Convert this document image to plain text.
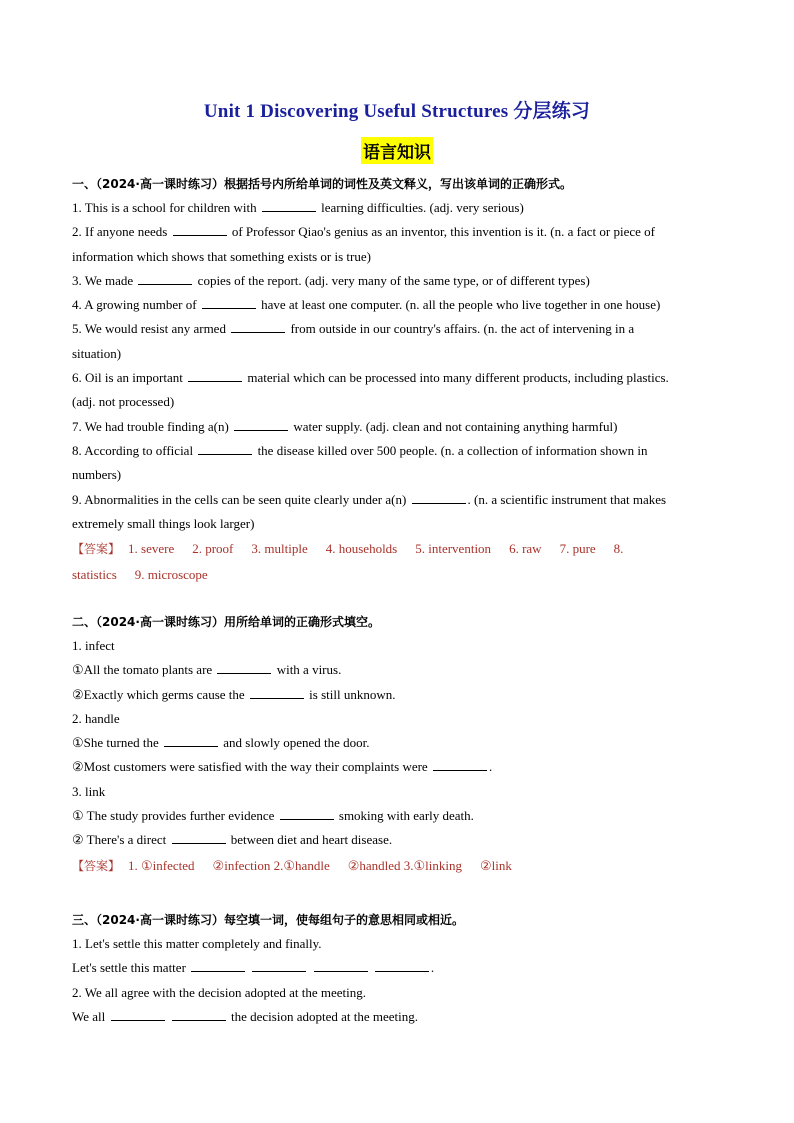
Unit 1 Discovering Useful Structures 分层练习
语言知识
一、（2024·高一课时练习）根据括号内所给单词的词性及英文释义，写出该单词的正确形式。
1. This is a school for children with	learning difficulties. (adj. very serious)
2. If anyone needs	of Professor Qiao's genius as an inventor, this invention is it. (n. a fact or piece of
information which shows that something exists or is true)
3. We made	copies of the report. (adj. very many of the same type, or of different types)
4. A growing number of	have at least one computer. (n. all the people who live together in one house)
5. We would resist any armed	from outside in our country's affairs. (n. the act of intervening in a
situation)
6. Oil is an important	material which can be processed into many different products, including plastics.
(adj. not processed)
7. We had trouble finding a(n)	water supply. (adj. clean and not containing anything harmful)
8. According to official	the disease killed over 500 people. (n. a collection of information shown in
numbers)
9. Abnormalities in the cells can be seen quite clearly under a(n)	. (n. a scientific instrument that makes
extremely small things look larger)
【答案】 1. severe 2. proof 3. multiple 4. households 5. intervention 6. raw 7. pure 8.
statistics 9. microscope
二、（2024·高一课时练习）用所给单词的正确形式填空。
1. infect
①All the tomato plants are	with a virus.
②Exactly which germs cause the	is still unknown.
2. handle
①She turned the	and slowly opened the door.
②Most customers were satisfied with the way their complaints were	.
3. link
① The study provides further evidence	smoking with early death.
② There's a direct	between diet and heart disease.
【答案】 1. ①infected ②infection 2.①handle ②handled 3.①linking ②link
三、（2024·高一课时练习）每空填一词，使每组句子的意思相同或相近。
1. Let's settle this matter completely and finally.
Let's settle this matter	.
2. We all agree with the decision adopted at the meeting.
We all	the decision adopted at the meeting.
